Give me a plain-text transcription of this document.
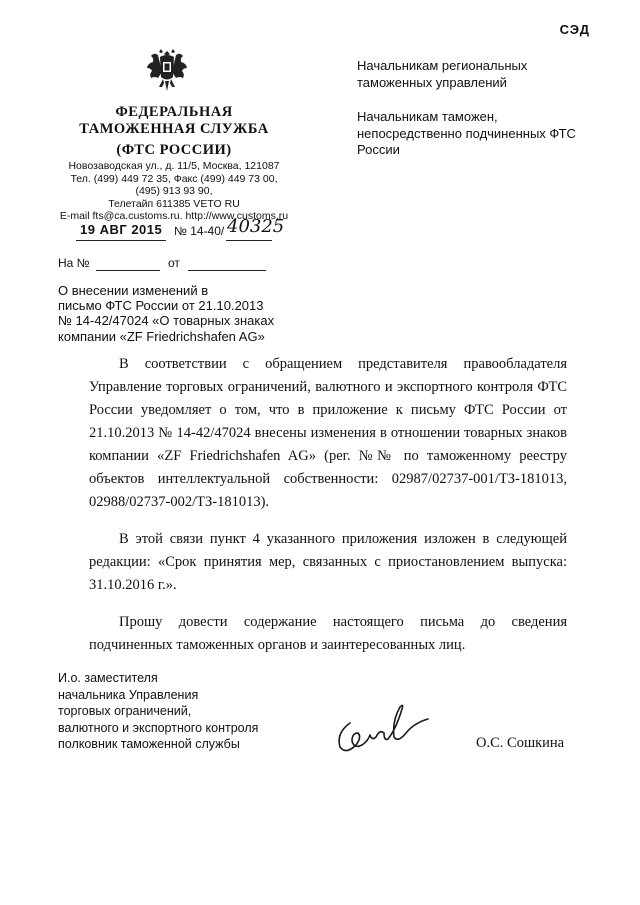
СЭД
ФЕДЕРАЛЬНАЯ
ТАМОЖЕННАЯ СЛУЖБА
(ФТС РОССИИ)
Новозаводская ул., д. 11/5, Москва, 121087
Тел. (499) 449 72 35, Факс (499) 449 73 00,
(495) 913 93 90,
Телетайп 611385 VETO RU
E-mail fts@ca.customs.ru. http://www.customs.ru
19 АВГ 2015 № 14-40/ 40325
На №	от

Начальникам региональных таможенных управлений

Начальникам таможен, непосредственно подчиненных ФТС России

О внесении изменений в
письмо ФТС России от 21.10.2013
№ 14-42/47024 «О товарных знаках
компании «ZF Friedrichshafen AG»

В соответствии с обращением представителя правообладателя Управление торговых ограничений, валютного и экспортного контроля ФТС России уведомляет о том, что в приложение к письму ФТС России от 21.10.2013 № 14-42/47024 внесены изменения в отношении товарных знаков компании «ZF Friedrichshafen AG» (рег. №№ по таможенному реестру объектов интеллектуальной собственности: 02987/02737-001/ТЗ-181013, 02988/02737-002/ТЗ-181013).

В этой связи пункт 4 указанного приложения изложен в следующей редакции: «Срок принятия мер, связанных с приостановлением выпуска: 31.10.2016 г.».

Прошу довести содержание настоящего письма до сведения подчиненных таможенных органов и заинтересованных лиц.

И.о. заместителя
начальника Управления
торговых ограничений,
валютного и экспортного контроля
полковник таможенной службы	О.С. Сошкина
